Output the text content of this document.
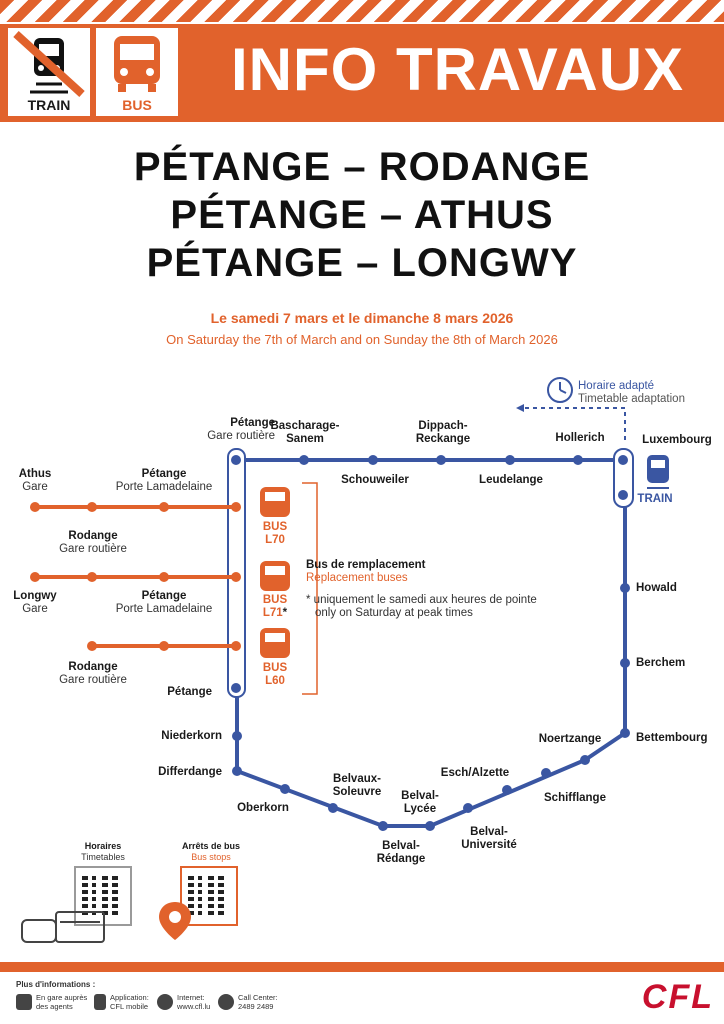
TRAIN	BUS
INFO TRAVAUX
PÉTANGE – RODANGE
PÉTANGE – ATHUS
PÉTANGE – LONGWY
Le samedi 7 mars et le dimanche 8 mars 2026
On Saturday the 7th of March and on Sunday the 8th of March 2026
Horaire adapté
Timetable adaptation
Pétange
Gare routière
Bascharage-
Sanem
Schouweiler
Dippach-
Reckange
Leudelange
Hollerich	Luxembourg
TRAIN
Howald
Berchem
Bettembourg
Noertzange
Schifflange
Esch/Alzette
Belval-
Université
Belval-
Lycée
Belval-
Rédange
Belvaux-
Soleuvre
Oberkorn
Differdange
Niederkorn
Pétange
Athus
Gare
Pétange
Porte Lamadelaine
Rodange
Gare routière
Longwy
Gare
Pétange
Porte Lamadelaine
Rodange
Gare routière
BUS
L70
BUS
L71*
BUS
L60
Bus de remplacement
Replacement buses
* uniquement le samedi aux heures de pointe
only on Saturday at peak times
Horaires
Timetables
Arrêts de bus
Bus stops
Plus d'informations :
En gare auprès
des agents
Application:
CFL mobile
Internet:
www.cfl.lu
Call Center:
2489 2489	CFL
